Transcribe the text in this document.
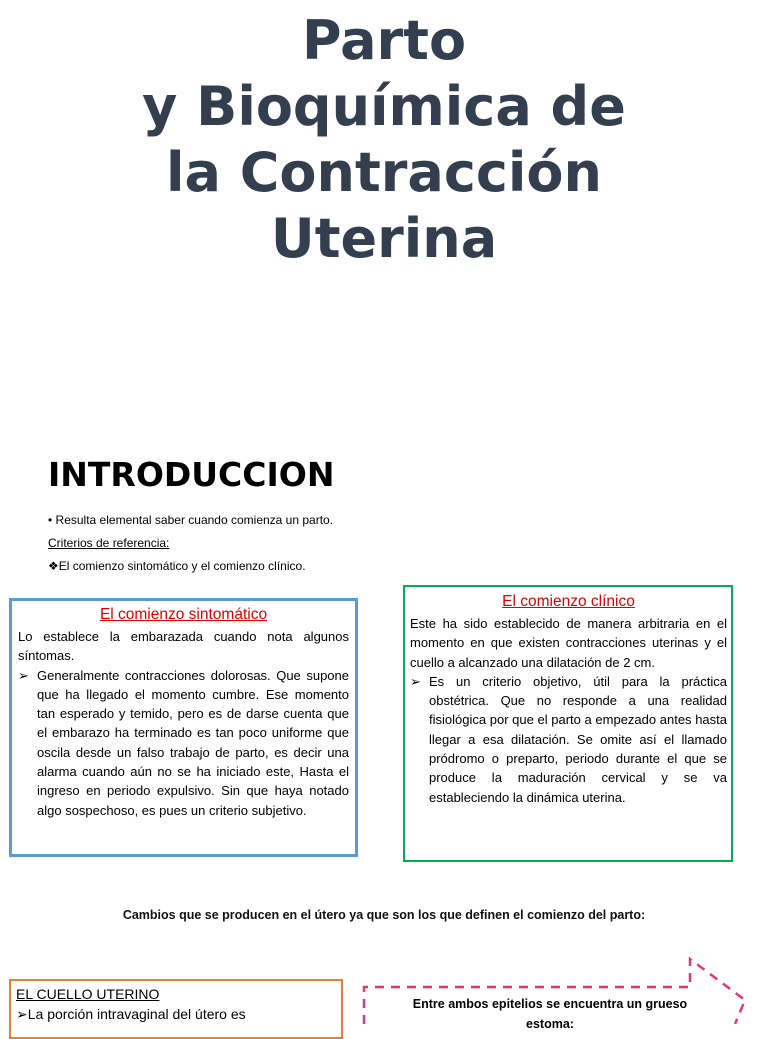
Parto
y Bioquímica de
la Contracción
Uterina
INTRODUCCION
• Resulta elemental saber cuando comienza un parto.
Criterios de referencia:
❖El comienzo sintomático y el comienzo clínico.
El comienzo sintomático

Lo establece la embarazada cuando nota algunos síntomas.

➢ Generalmente contracciones dolorosas. Que supone que ha llegado el momento cumbre. Ese momento tan esperado y temido, pero es de darse cuenta que el embarazo ha terminado es tan poco uniforme que oscila desde un falso trabajo de parto, es decir una alarma cuando aún no se ha iniciado este, Hasta el ingreso en periodo expulsivo. Sin que haya notado algo sospechoso, es pues un criterio subjetivo.
El comienzo clínico

Este ha sido establecido de manera arbitraria en el momento en que existen contracciones uterinas y el cuello a alcanzado una dilatación de 2 cm.

➢ Es un criterio objetivo, útil para la práctica obstétrica. Que no responde a una realidad fisiológica por que el parto a empezado antes hasta llegar a esa dilatación. Se omite así el llamado pródromo o preparto, periodo durante el que se produce la maduración cervical y se va estableciendo la dinámica uterina.
Cambios que se producen en el útero ya que son los que definen el comienzo del parto:
EL CUELLO UTERINO
➢La porción intravaginal del útero es
Entre ambos epitelios se encuentra un grueso
estoma:
